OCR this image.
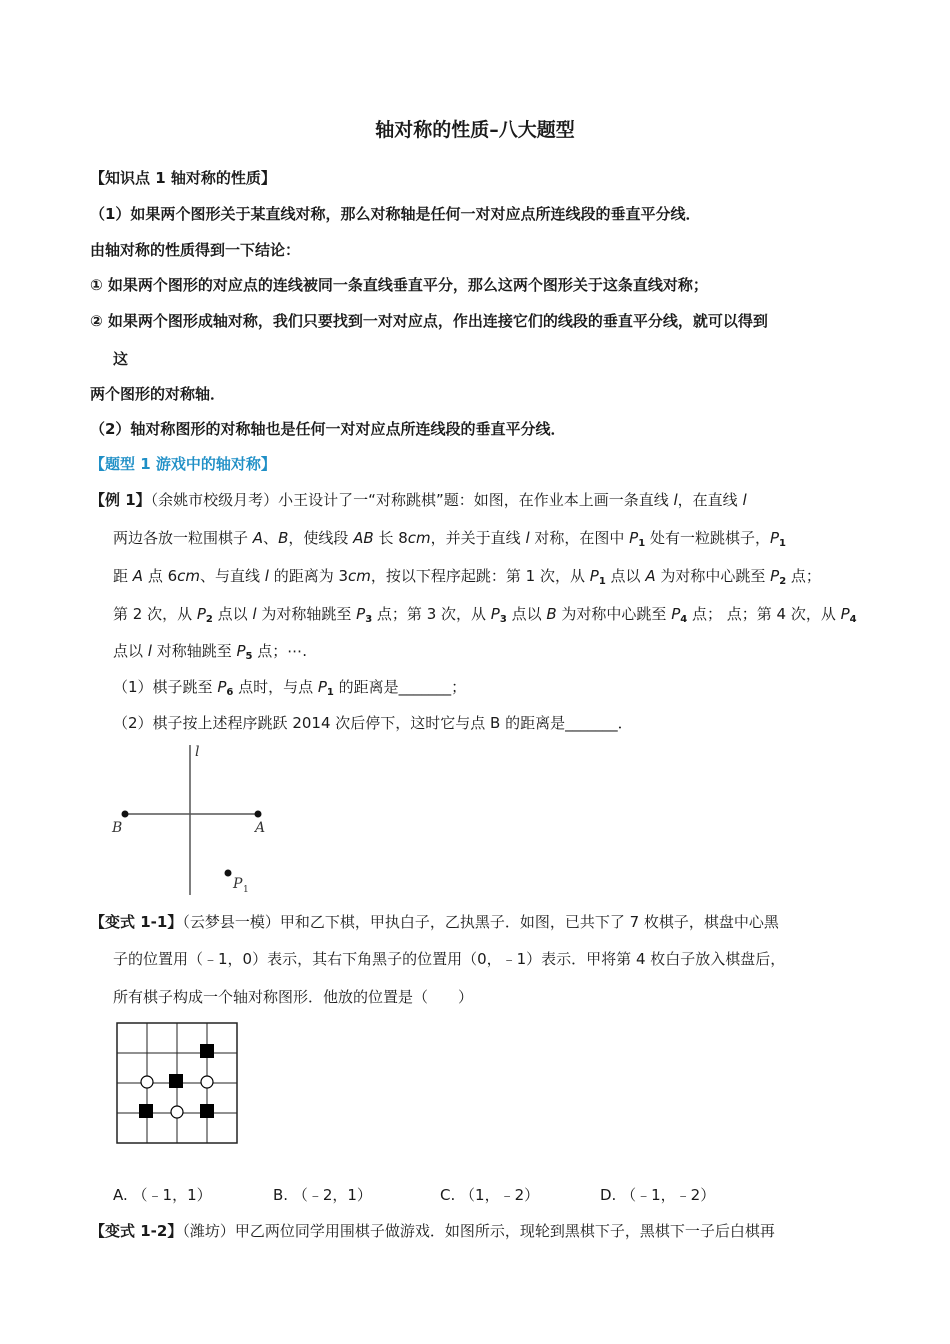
轴对称的性质–八大题型
【知识点 1 轴对称的性质】
（1）如果两个图形关于某直线对称，那么对称轴是任何一对对应点所连线段的垂直平分线．
由轴对称的性质得到一下结论：
① 如果两个图形的对应点的连线被同一条直线垂直平分，那么这两个图形关于这条直线对称；
② 如果两个图形成轴对称，我们只要找到一对对应点，作出连接它们的线段的垂直平分线，就可以得到
这
两个图形的对称轴．
（2）轴对称图形的对称轴也是任何一对对应点所连线段的垂直平分线．
【题型 1 游戏中的轴对称】
【例 1】（余姚市校级月考）小王设计了一“对称跳棋”题：如图，在作业本上画一条直线 l，在直线 l
两边各放一粒围棋子 A、B，使线段 AB 长 8cm，并关于直线 l 对称，在图中 $P_1$ 处有一粒跳棋子，$P_1$
距 A 点 6cm、与直线 l 的距离为 3cm，按以下程序起跳：第 1 次，从 $P_1$ 点以 A 为对称中心跳至 $P_2$ 点；
第 2 次，从 $P_2$ 点以 l 为对称轴跳至 $P_3$ 点；第 3 次，从 $P_3$ 点以 B 为对称中心跳至 $P_4$ 点； 点；第 4 次，从 $P_4$
点以 l 对称轴跳至 $P_5$ 点；⋯.
（1）棋子跳至 $P_6$ 点时，与点 $P_1$ 的距离是_______；
（2）棋子按上述程序跳跃 2014 次后停下，这时它与点 B 的距离是_______．
l
B	A
P 1
【变式 1-1】（云梦县一模）甲和乙下棋，甲执白子，乙执黑子．如图，已共下了 7 枚棋子，棋盘中心黑
子的位置用（﹣1，0）表示，其右下角黑子的位置用（0，﹣1）表示．甲将第 4 枚白子放入棋盘后，
所有棋子构成一个轴对称图形．他放的位置是（　　）
A. （﹣1，1）	B. （﹣2，1）	C. （1，﹣2）	D. （﹣1，﹣2）
【变式 1-2】（潍坊）甲乙两位同学用围棋子做游戏．如图所示，现轮到黑棋下子，黑棋下一子后白棋再
